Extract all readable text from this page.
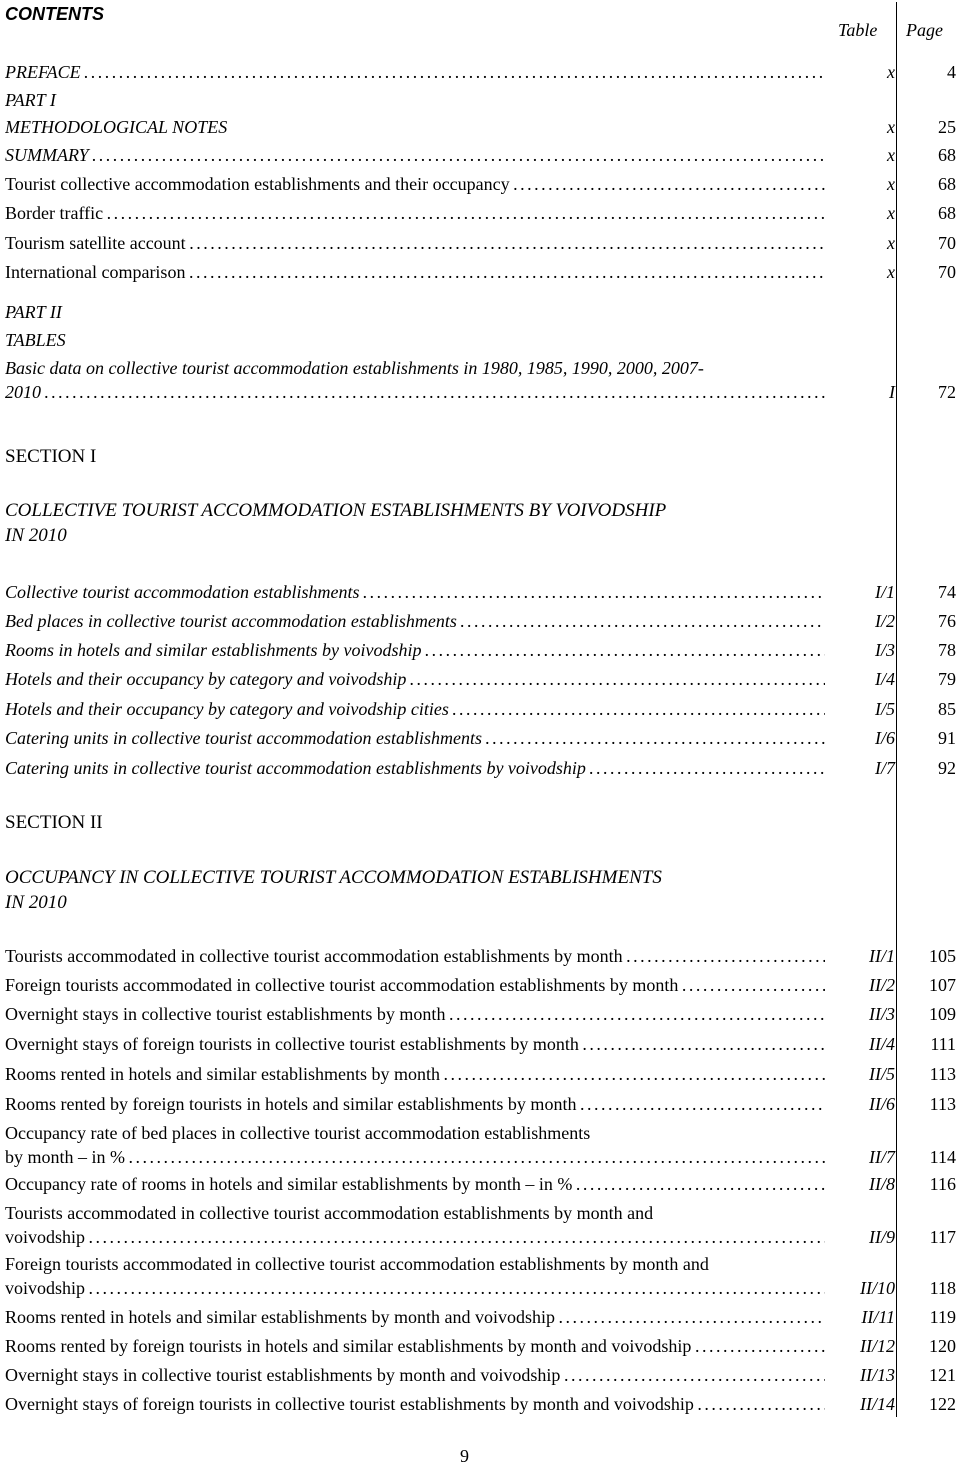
CONTENTS
Table Page
PREFACE . . .	x	4
PART I
METHODOLOGICAL NOTES	x	25
SUMMARY . . .	x	68
Tourist collective accommodation establishments and their occupancy . . .	x	68
Border traffic . . .	x	68
Tourism satellite account . . .	x	70
International comparison . . .	x	70
PART II
TABLES
Basic data on collective tourist accommodation establishments in 1980, 1985, 1990, 2000, 2007-
2010 . . .	I	72
SECTION I
COLLECTIVE TOURIST ACCOMMODATION ESTABLISHMENTS BY VOIVODSHIP
IN 2010
Collective tourist accommodation establishments . . .	I/1	74
Bed places in collective tourist accommodation establishments . . .	I/2	76
Rooms in hotels and similar establishments by voivodship . . .	I/3	78
Hotels and their occupancy by category and voivodship . . .	I/4	79
Hotels and their occupancy by category and voivodship cities . . .	I/5	85
Catering units in collective tourist accommodation establishments . . .	I/6	91
Catering units in collective tourist accommodation establishments by voivodship . . .	I/7	92
SECTION II
OCCUPANCY IN COLLECTIVE TOURIST ACCOMMODATION ESTABLISHMENTS
IN 2010
Tourists accommodated in collective tourist accommodation establishments by month . . .	II/1	105
Foreign tourists accommodated in collective tourist accommodation establishments by month . . .	II/2	107
Overnight stays in collective tourist establishments by month . . .	II/3	109
Overnight stays of foreign tourists in collective tourist establishments by month . . .	II/4	111
Rooms rented in hotels and similar establishments by month . . .	II/5	113
Rooms rented by foreign tourists in hotels and similar establishments by month . . .	II/6	113
Occupancy rate of bed places in collective tourist accommodation establishments
by month – in % . . .	II/7	114
Occupancy rate of rooms in hotels and similar establishments by month – in % . . .	II/8	116
Tourists accommodated in collective tourist accommodation establishments by month and
voivodship . . .	II/9	117
Foreign tourists accommodated in collective tourist accommodation establishments by month and
voivodship . . .	II/10	118
Rooms rented in hotels and similar establishments by month and voivodship . . .	II/11	119
Rooms rented by foreign tourists in hotels and similar establishments by month and voivodship . . .	II/12	120
Overnight stays in collective tourist establishments by month and voivodship . . .	II/13	121
Overnight stays of foreign tourists in collective tourist establishments by month and voivodship . . .	II/14	122
9
